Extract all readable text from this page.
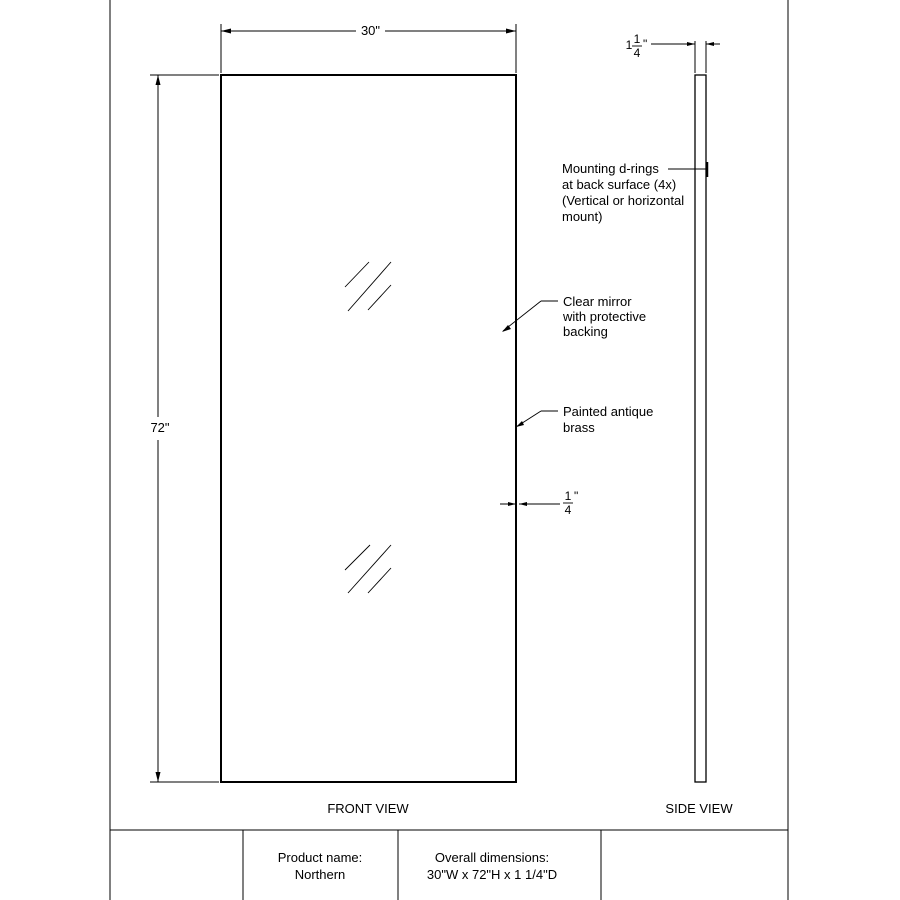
30"
72"
1
4
"
FRONT VIEW
Clear mirror
with protective
backing
Painted antique
brass
Mounting d-rings
at back surface (4x)
(Vertical or horizontal
mount)
1 1
4
"
SIDE VIEW
Product name:
Northern
Overall dimensions:
30"W x 72"H x 1 1/4"D
